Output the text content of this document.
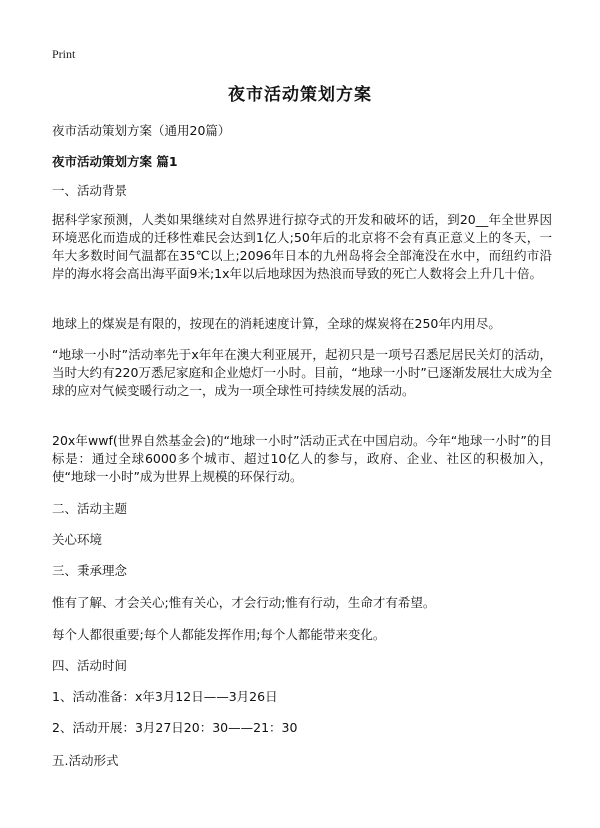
Print
夜市活动策划方案
夜市活动策划方案（通用20篇）
夜市活动策划方案 篇1
一、活动背景
据科学家预测，人类如果继续对自然界进行掠夺式的开发和破坏的话，到20__年全世界因环境恶化而造成的迁移性难民会达到1亿人;50年后的北京将不会有真正意义上的冬天，一年大多数时间气温都在35℃以上;2096年日本的九州岛将会全部淹没在水中，而纽约市沿岸的海水将会高出海平面9米;1x年以后地球因为热浪而导致的死亡人数将会上升几十倍。
地球上的煤炭是有限的，按现在的消耗速度计算，全球的煤炭将在250年内用尽。
“地球一小时”活动率先于x年年在澳大利亚展开，起初只是一项号召悉尼居民关灯的活动，当时大约有220万悉尼家庭和企业熄灯一小时。目前，“地球一小时”已逐渐发展壮大成为全球的应对气候变暖行动之一，成为一项全球性可持续发展的活动。
20x年wwf(世界自然基金会)的“地球一小时”活动正式在中国启动。今年“地球一小时”的目标是：通过全球6000多个城市、超过10亿人的参与，政府、企业、社区的积极加入，使“地球一小时”成为世界上规模的环保行动。
二、活动主题
关心环境
三、秉承理念
惟有了解、才会关心;惟有关心，才会行动;惟有行动，生命才有希望。
每个人都很重要;每个人都能发挥作用;每个人都能带来变化。
四、活动时间
1、活动准备：x年3月12日——3月26日
2、活动开展：3月27日20：30——21：30
五.活动形式
